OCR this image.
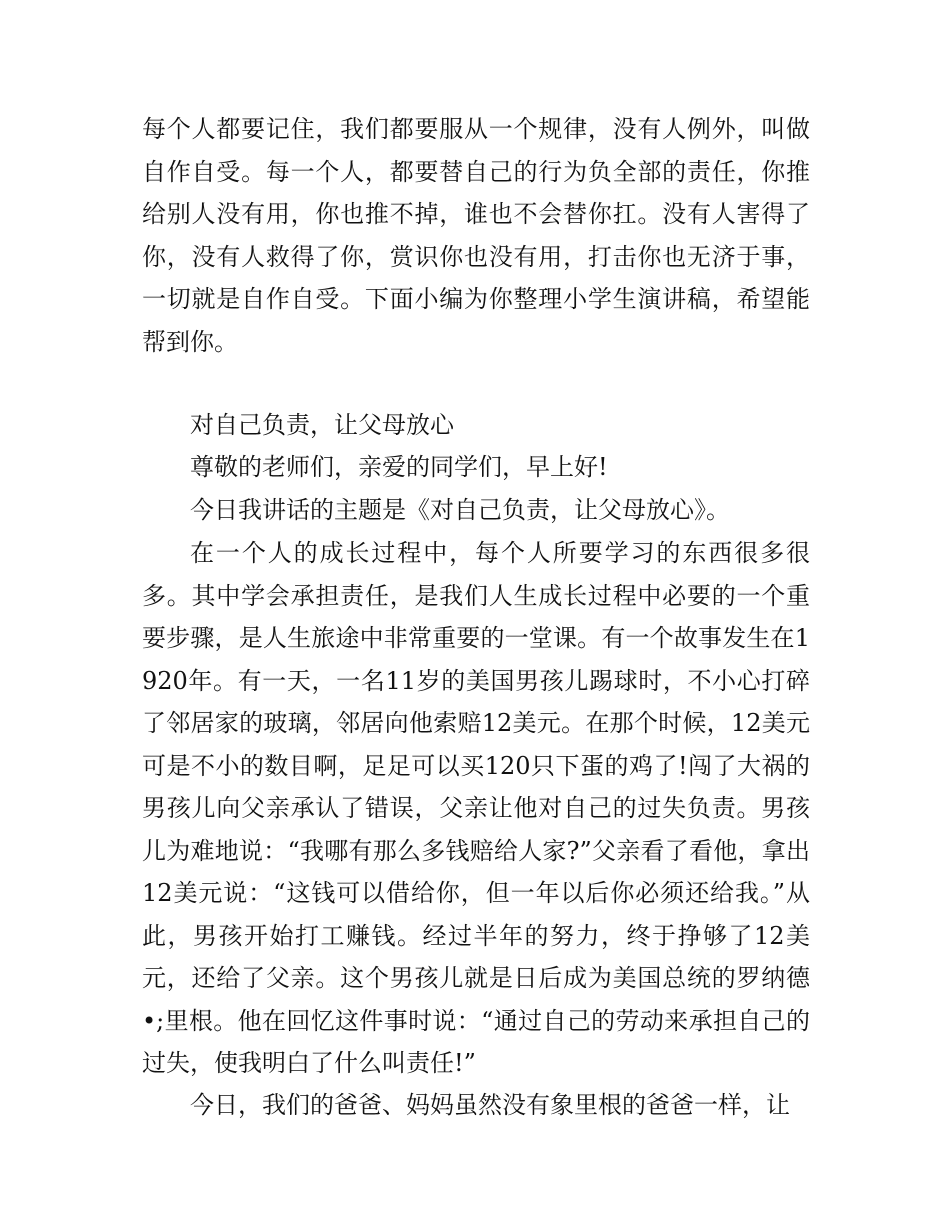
每个人都要记住，我们都要服从一个规律，没有人例外，叫做自作自受。每一个人，都要替自己的行为负全部的责任，你推给别人没有用，你也推不掉，谁也不会替你扛。没有人害得了你，没有人救得了你，赏识你也没有用，打击你也无济于事，一切就是自作自受。下面小编为你整理小学生演讲稿，希望能帮到你。

对自己负责，让父母放心

尊敬的老师们，亲爱的同学们，早上好!

今日我讲话的主题是《对自己负责，让父母放心》。

在一个人的成长过程中，每个人所要学习的东西很多很多。其中学会承担责任，是我们人生成长过程中必要的一个重要步骤，是人生旅途中非常重要的一堂课。有一个故事发生在1920年。有一天，一名11岁的美国男孩儿踢球时，不小心打碎了邻居家的玻璃，邻居向他索赔12美元。在那个时候，12美元可是不小的数目啊，足足可以买120只下蛋的鸡了!闯了大祸的男孩儿向父亲承认了错误，父亲让他对自己的过失负责。男孩儿为难地说：“我哪有那么多钱赔给人家?”父亲看了看他，拿出12美元说：“这钱可以借给你，但一年以后你必须还给我。”从此，男孩开始打工赚钱。经过半年的努力，终于挣够了12美元，还给了父亲。这个男孩儿就是日后成为美国总统的罗纳德•;里根。他在回忆这件事时说：“通过自己的劳动来承担自己的过失，使我明白了什么叫责任!”

今日，我们的爸爸、妈妈虽然没有象里根的爸爸一样，让
